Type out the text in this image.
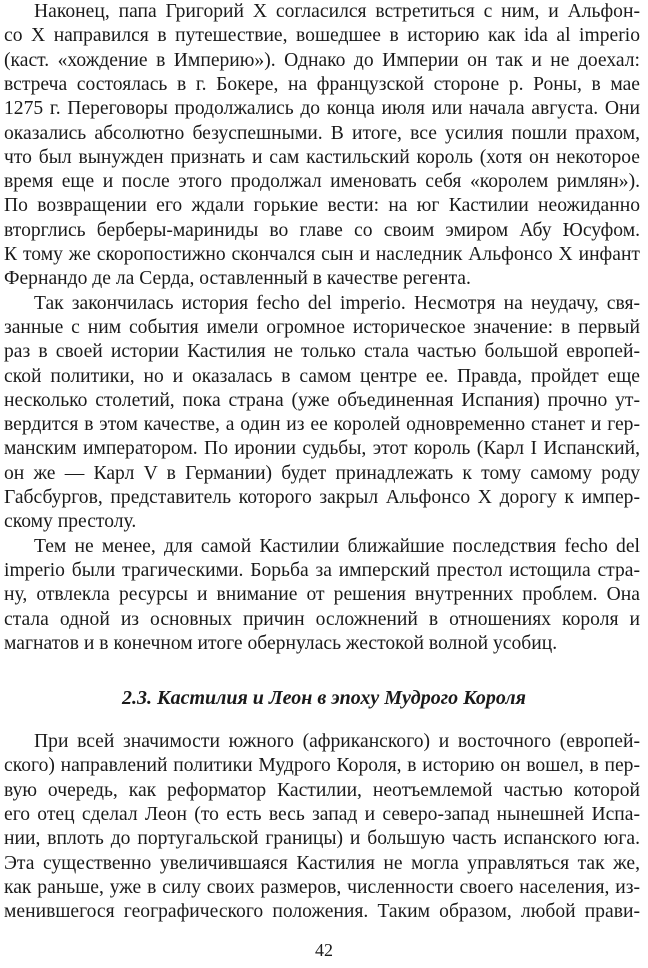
Наконец, папа Григорий X согласился встретиться с ним, и Альфон-
со X направился в путешествие, вошедшее в историю как ida al imperio
(каст. «хождение в Империю»). Однако до Империи он так и не доехал:
встреча состоялась в г. Бокере, на французской стороне р. Роны, в мае
1275 г. Переговоры продолжались до конца июля или начала августа. Они
оказались абсолютно безуспешными. В итоге, все усилия пошли прахом,
что был вынужден признать и сам кастильский король (хотя он некоторое
время еще и после этого продолжал именовать себя «королем римлян»).
По возвращении его ждали горькие вести: на юг Кастилии неожиданно
вторглись берберы-мариниды во главе со своим эмиром Абу Юсуфом.
К тому же скоропостижно скончался сын и наследник Альфонсо X инфант
Фернандо де ла Серда, оставленный в качестве регента.
Так закончилась история fecho del imperio. Несмотря на неудачу, свя-
занные с ним события имели огромное историческое значение: в первый
раз в своей истории Кастилия не только стала частью большой европей-
ской политики, но и оказалась в самом центре ее. Правда, пройдет еще
несколько столетий, пока страна (уже объединенная Испания) прочно ут-
вердится в этом качестве, а один из ее королей одновременно станет и гер-
манским императором. По иронии судьбы, этот король (Карл I Испанский,
он же — Карл V в Германии) будет принадлежать к тому самому роду
Габсбургов, представитель которого закрыл Альфонсо X дорогу к импер-
скому престолу.
Тем не менее, для самой Кастилии ближайшие последствия fecho del
imperio были трагическими. Борьба за имперский престол истощила стра-
ну, отвлекла ресурсы и внимание от решения внутренних проблем. Она
стала одной из основных причин осложнений в отношениях короля и
магнатов и в конечном итоге обернулась жестокой волной усобиц.
2.3. Кастилия и Леон в эпоху Мудрого Короля
При всей значимости южного (африканского) и восточного (европей-
ского) направлений политики Мудрого Короля, в историю он вошел, в пер-
вую очередь, как реформатор Кастилии, неотъемлемой частью которой
его отец сделал Леон (то есть весь запад и северо-запад нынешней Испа-
нии, вплоть до португальской границы) и большую часть испанского юга.
Эта существенно увеличившаяся Кастилия не могла управляться так же,
как раньше, уже в силу своих размеров, численности своего населения, из-
менившегося географического положения. Таким образом, любой прави-
42
